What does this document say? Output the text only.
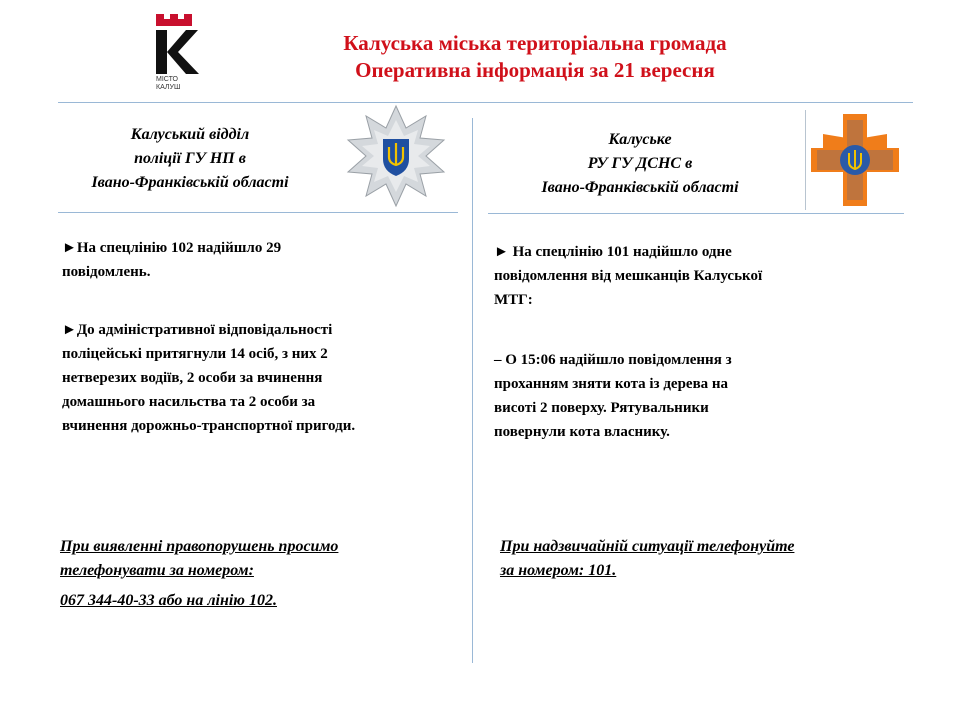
МІСТО
КАЛУШ
Калуська міська територіальна громада
Оперативна інформація за 21 вересня
Калуський відділ
поліції ГУ НП в
Івано-Франківській області
►На спецлінію 102 надійшло 29
повідомлень.
►До адміністративної відповідальності
поліцейські притягнули 14 осіб, з них 2
нетверезих водіїв, 2 особи за вчинення
домашнього насильства та 2 особи за
вчинення дорожньо-транспортної пригоди.
При виявленні правопорушень просимо
телефонувати за номером:
067 344-40-33 або на лінію 102.
Калуське
РУ ГУ ДСНС в
Івано-Франківській області
► На спецлінію 101 надійшло одне
повідомлення від мешканців Калуської
МТГ:
– О 15:06 надійшло повідомлення з
проханням зняти кота із дерева на
висоті 2 поверху. Рятувальники
повернули кота власнику.
При надзвичайній ситуації телефонуйте
за номером: 101.
